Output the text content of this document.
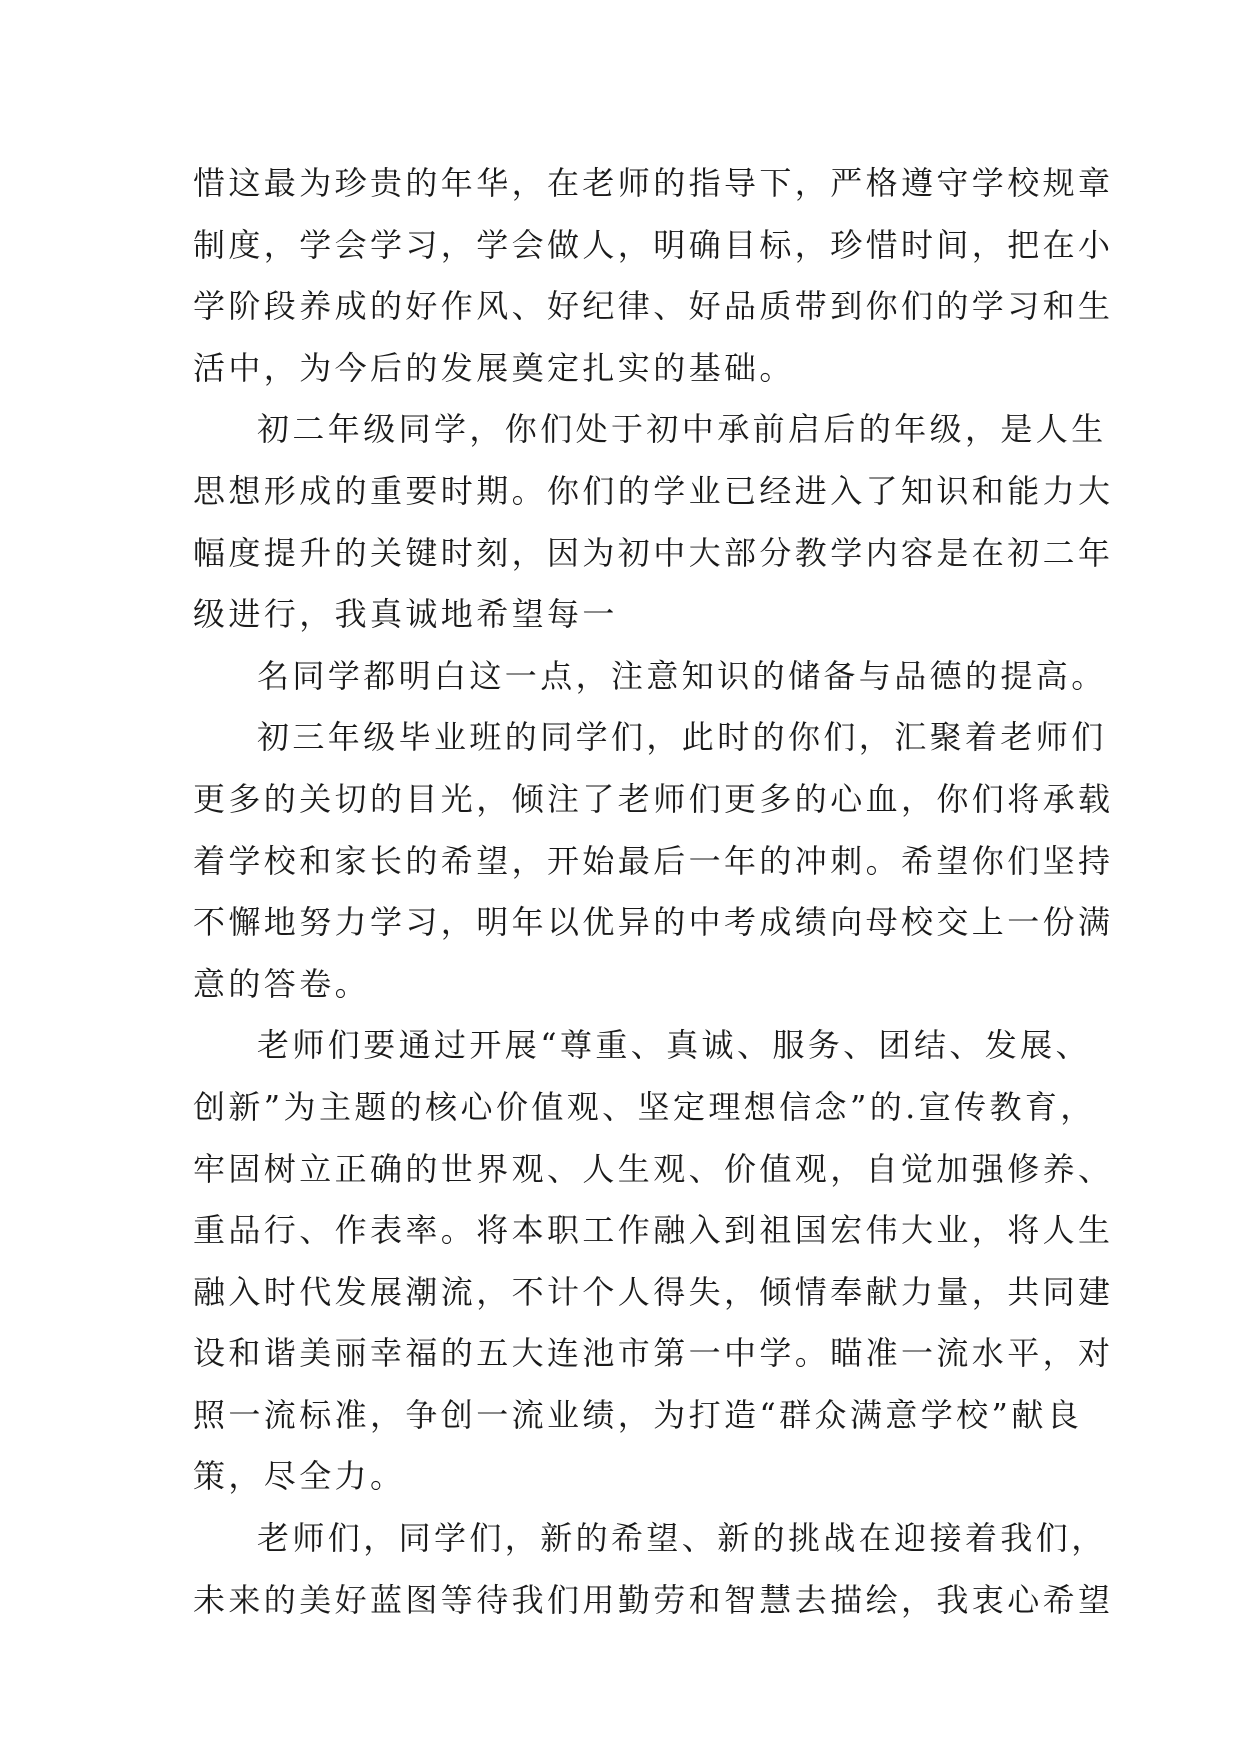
惜这最为珍贵的年华，在老师的指导下，严格遵守学校规章
制度，学会学习，学会做人，明确目标，珍惜时间，把在小
学阶段养成的好作风、好纪律、好品质带到你们的学习和生
活中，为今后的发展奠定扎实的基础。
初二年级同学，你们处于初中承前启后的年级，是人生
思想形成的重要时期。你们的学业已经进入了知识和能力大
幅度提升的关键时刻，因为初中大部分教学内容是在初二年
级进行，我真诚地希望每一
名同学都明白这一点，注意知识的储备与品德的提高。
初三年级毕业班的同学们，此时的你们，汇聚着老师们
更多的关切的目光，倾注了老师们更多的心血，你们将承载
着学校和家长的希望，开始最后一年的冲刺。希望你们坚持
不懈地努力学习，明年以优异的中考成绩向母校交上一份满
意的答卷。
老师们要通过开展“尊重、真诚、服务、团结、发展、
创新”为主题的核心价值观、坚定理想信念”的.宣传教育，
牢固树立正确的世界观、人生观、价值观，自觉加强修养、
重品行、作表率。将本职工作融入到祖国宏伟大业，将人生
融入时代发展潮流，不计个人得失，倾情奉献力量，共同建
设和谐美丽幸福的五大连池市第一中学。瞄准一流水平，对
照一流标准，争创一流业绩，为打造“群众满意学校”献良
策，尽全力。
老师们，同学们，新的希望、新的挑战在迎接着我们，
未来的美好蓝图等待我们用勤劳和智慧去描绘，我衷心希望
